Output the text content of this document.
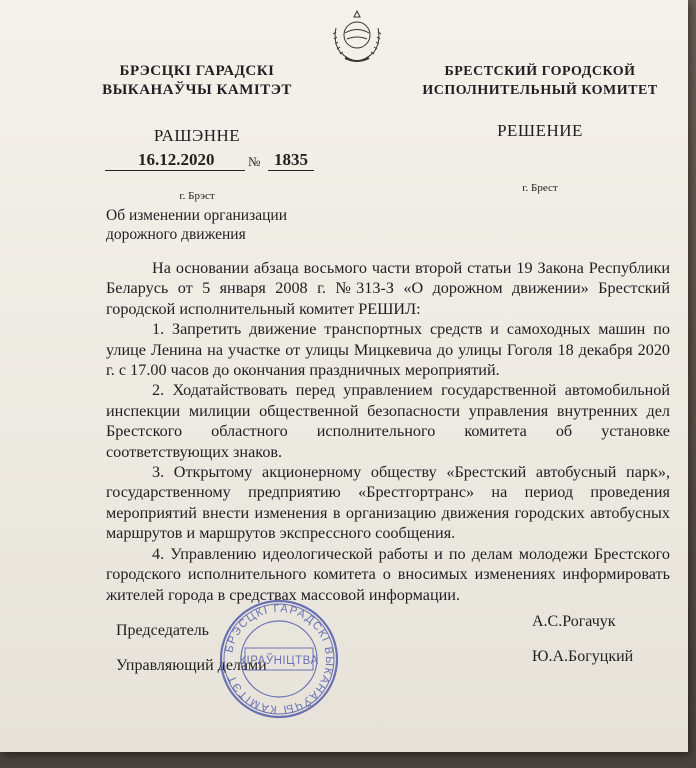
БРЭСЦКІ ГАРАДСКІ
ВЫКАНАЎЧЫ КАМІТЭТ
РАШЭННЕ
16.12.2020	№ 1835
г. Брэст
БРЕСТСКИЙ ГОРОДСКОЙ
ИСПОЛНИТЕЛЬНЫЙ КОМИТЕТ
РЕШЕНИЕ
г. Брест
Об изменении организации
дорожного движения

На основании абзаца восьмого части второй статьи 19 Закона Республики Беларусь от 5 января 2008 г. №313-З «О дорожном движении» Брестский городской исполнительный комитет РЕШИЛ:

1. Запретить движение транспортных средств и самоходных машин по улице Ленина на участке от улицы Мицкевича до улицы Гоголя 18 декабря 2020 г. с 17.00 часов до окончания праздничных мероприятий.

2. Ходатайствовать перед управлением государственной автомобильной инспекции милиции общественной безопасности управления внутренних дел Брестского областного исполнительного комитета об установке соответствующих знаков.

3. Открытому акционерному обществу «Брестский автобусный парк», государственному предприятию «Брестгортранс» на период проведения мероприятий внести изменения в организацию движения городских автобусных маршрутов и маршрутов экспрессного сообщения.

4. Управлению идеологической работы и по делам молодежи Брестского городского исполнительного комитета о вносимых изменениях информировать жителей города в средствах массовой информации.

Председатель
А.С.Рогачук
Управляющий делами
Ю.А.Богуцкий
БРЭСЦКІ ГАРАДСКІ ВЫКАНАЎЧЫ КАМІТЭТ
КІРАЎНІЦТВА
